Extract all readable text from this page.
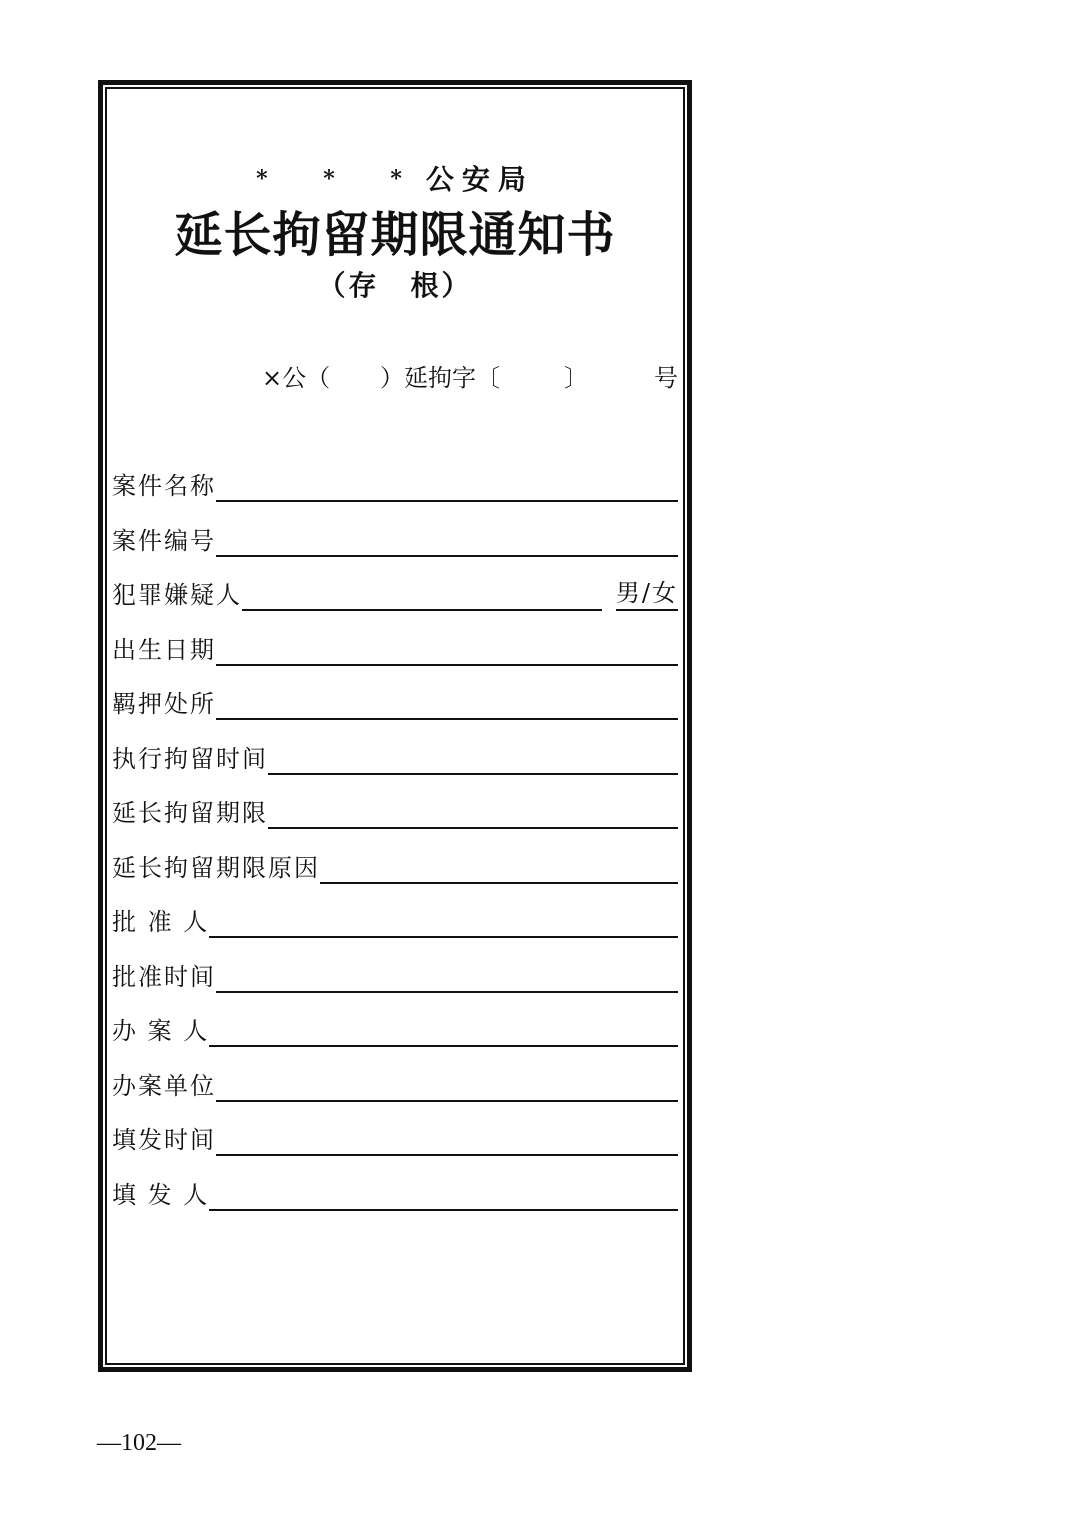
* * *公安局
延长拘留期限通知书
（存　根）
×公（ ）延拘字〔	〕	号
案件名称
案件编号
犯罪嫌疑人	男/女
出生日期
羁押处所
执行拘留时间
延长拘留期限
延长拘留期限原因
批 准 人
批准时间
办 案 人
办案单位
填发时间
填 发 人
—102—
